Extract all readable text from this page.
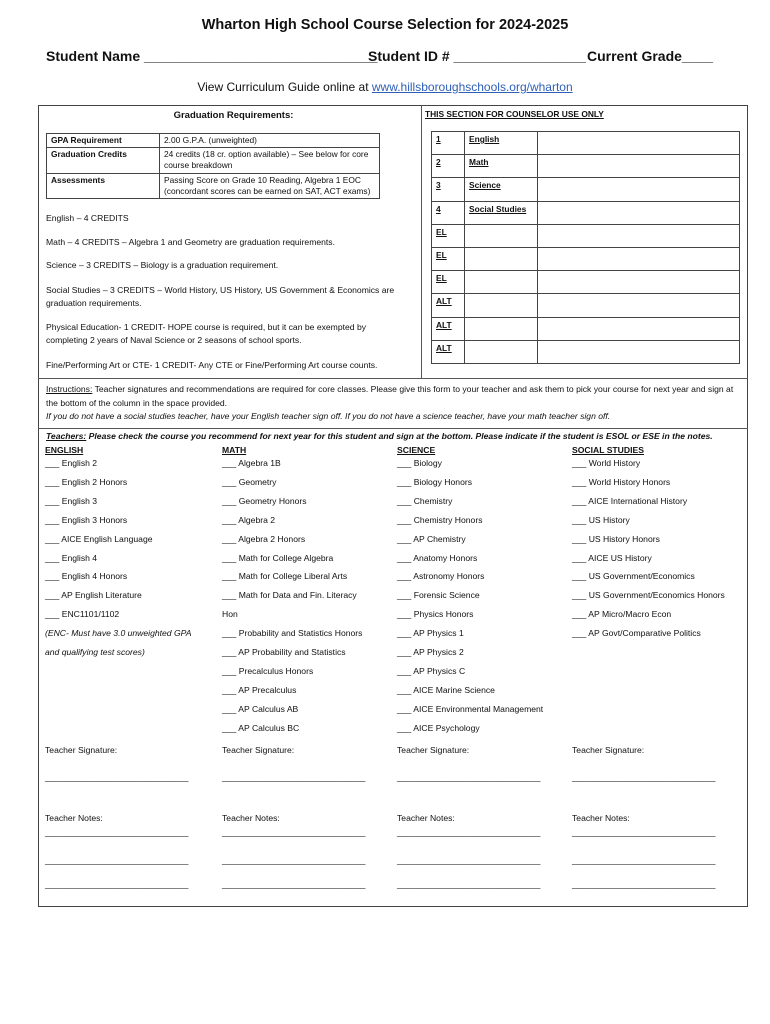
Wharton High School Course Selection for 2024-2025
Student Name ______________________________
Student ID # _________________ Current Grade____
View Curriculum Guide online at www.hillsboroughschools.org/wharton
Graduation Requirements:
GPA Requirement	2.00 G.P.A. (unweighted)
Graduation Credits	24 credits (18 cr. option available) – See below for core course breakdown
Assessments	Passing Score on Grade 10 Reading, Algebra 1 EOC (concordant scores can be earned on SAT, ACT exams)
English – 4 CREDITS
Math – 4 CREDITS – Algebra 1 and Geometry are graduation requirements.
Science – 3 CREDITS – Biology is a graduation requirement.
Social Studies – 3 CREDITS – World History, US History, US Government & Economics are graduation requirements.
Physical Education- 1 CREDIT- HOPE course is required, but it can be exempted by completing 2 years of Naval Science or 2 seasons of school sports.
Fine/Performing Art or CTE- 1 CREDIT- Any CTE or Fine/Performing Art course counts.
THIS SECTION FOR COUNSELOR USE ONLY
1	English	
2	Math	
3	Science	
4	Social Studies	
EL		
EL		
EL		
ALT		
ALT		
ALT		
Instructions: Teacher signatures and recommendations are required for core classes. Please give this form to your teacher and ask them to pick your course for next year and sign at the bottom of the column in the space provided.
If you do not have a social studies teacher, have your English teacher sign off. If you do not have a science teacher, have your math teacher sign off.
Teachers: Please check the course you recommend for next year for this student and sign at the bottom. Please indicate if the student is ESOL or ESE in the notes.
ENGLISH
___ English 2
___ English 2 Honors
___ English 3
___ English 3 Honors
___ AICE English Language
___ English 4
___ English 4 Honors
___ AP English Literature
___ ENC1101/1102
(ENC- Must have 3.0 unweighted GPA
and qualifying test scores)
Teacher Signature:
______________________________
Teacher Notes:
______________________________
______________________________
______________________________
MATH
___ Algebra 1B
___ Geometry
___ Geometry Honors
___ Algebra 2
___ Algebra 2 Honors
___ Math for College Algebra
___ Math for College Liberal Arts
___ Math for Data and Fin. Literacy
Hon
___ Probability and Statistics Honors
___ AP Probability and Statistics
___ Precalculus Honors
___ AP Precalculus
___ AP Calculus AB
___ AP Calculus BC
Teacher Signature:
______________________________
Teacher Notes:
______________________________
______________________________
______________________________
SCIENCE
___ Biology
___ Biology Honors
___ Chemistry
___ Chemistry Honors
___ AP Chemistry
___ Anatomy Honors
___ Astronomy Honors
___ Forensic Science
___ Physics Honors
___ AP Physics 1
___ AP Physics 2
___ AP Physics C
___ AICE Marine Science
___ AICE Environmental Management
___ AICE Psychology
Teacher Signature:
______________________________
Teacher Notes:
______________________________
______________________________
______________________________
SOCIAL STUDIES
___ World History
___ World History Honors
___ AICE International History
___ US History
___ US History Honors
___ AICE US History
___ US Government/Economics
___ US Government/Economics Honors
___ AP Micro/Macro Econ
___ AP Govt/Comparative Politics
Teacher Signature:
______________________________
Teacher Notes:
______________________________
______________________________
______________________________
